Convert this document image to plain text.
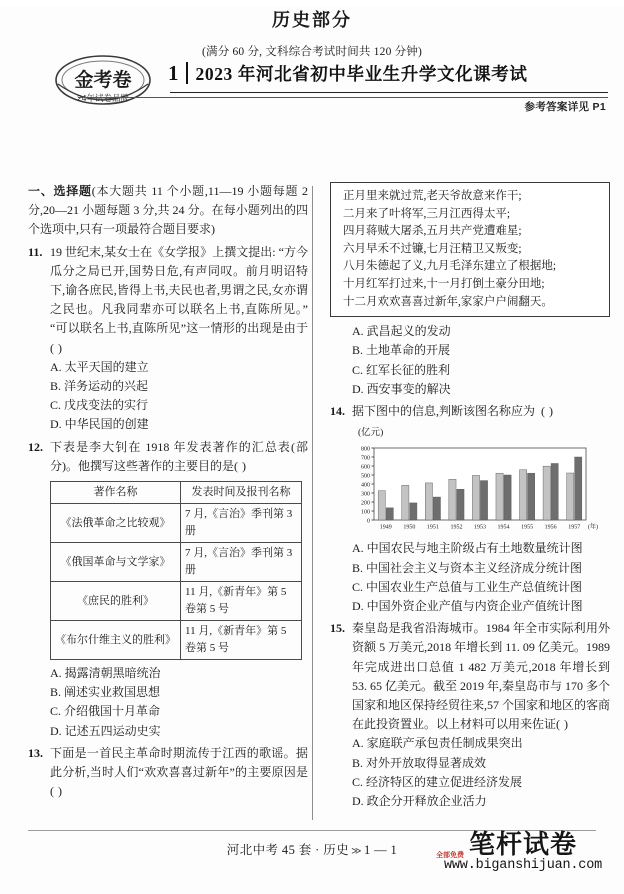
金考卷
24年试卷品牌
1 2023 年河北省初中毕业生升学文化课考试
参考答案详见 P1
历史部分
(满分 60 分, 文科综合考试时间共 120 分钟)
一、选择题(本大题共 11 个小题,11—19 小题每题 2 分,20—21 小题每题 3 分,共 24 分。在每小题列出的四个选项中,只有一项最符合题目要求)
11. 19 世纪末,某女士在《女学报》上撰文提出: “方今瓜分之局已开,国势日危,有声同叹。前月明诏特下,谕各庶民,皆得上书,夫民也者,男谓之民,女亦谓之民也。凡我同辈亦可以联名上书,直陈所见。” “可以联名上书,直陈所见”这一情形的出现是由于( )
A. 太平天国的建立
B. 洋务运动的兴起
C. 戊戌变法的实行
D. 中华民国的创建
12. 下表是李大钊在 1918 年发表著作的汇总表(部分)。他撰写这些著作的主要目的是( )
著作名称	发表时间及报刊名称
《法俄革命之比较观》	7 月,《言治》季刊第 3 册
《俄国革命与文学家》	7 月,《言治》季刊第 3 册
《庶民的胜利》	11 月,《新青年》第 5 卷第 5 号
《布尔什维主义的胜利》	11 月,《新青年》第 5 卷第 5 号
A. 揭露清朝黑暗统治
B. 阐述实业救国思想
C. 介绍俄国十月革命
D. 记述五四运动史实
13. 下面是一首民主革命时期流传于江西的歌谣。据此分析,当时人们“欢欢喜喜过新年”的主要原因是( )
正月里来就过荒,老天爷故意来作干;
二月来了叶将军,三月江西得太平;
四月蒋贼大屠杀,五月共产党遭难星;
六月早禾不过镰,七月汪精卫又叛变;
八月朱德起了义,九月毛泽东建立了根据地;
十月红军打过来,十一月打倒土豪分田地;
十二月欢欢喜喜过新年,家家户户闹翻天。
A. 武昌起义的发动
B. 土地革命的开展
C. 红军长征的胜利
D. 西安事变的解决
14. 据下图中的信息,判断该图名称应为 ( )
(亿元)
0
100
200
300
400
500
600
700
800
1949 1950 1951 1952 1953 1954 1955 1956 1957 (年)
A. 中国农民与地主阶级占有土地数量统计图
B. 中国社会主义与资本主义经济成分统计图
C. 中国农业生产总值与工业生产总值统计图
D. 中国外资企业产值与内资企业产值统计图
15. 秦皇岛是我省沿海城市。1984 年全市实际利用外资额 5 万美元,2018 年增长到 11. 09 亿美元。1989 年完成进出口总值 1 482 万美元,2018 年增长到 53. 65 亿美元。截至 2019 年,秦皇岛市与 170 多个国家和地区保持经贸往来,57 个国家和地区的客商在此投资置业。以上材料可以用来佐证( )
A. 家庭联产承包责任制成果突出
B. 对外开放取得显著成效
C. 经济特区的建立促进经济发展
D. 政企分开释放企业活力
河北中考 45 套 · 历史 ≫ 1 — 1	全部免费 笔杆试卷
www.biganshijuan.com
